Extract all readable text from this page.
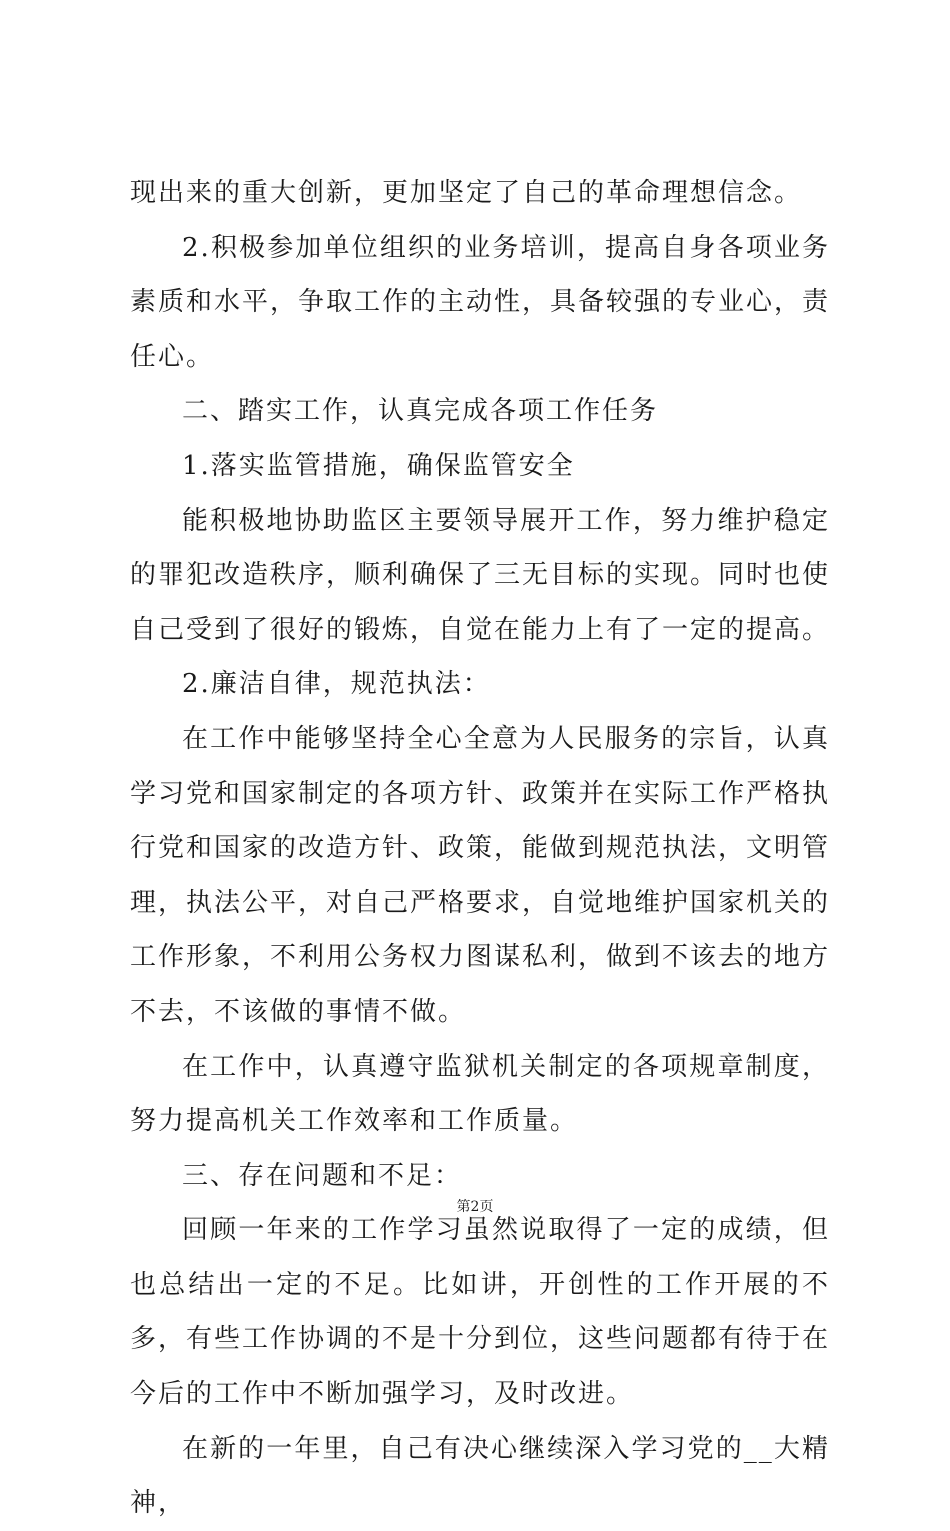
现出来的重大创新，更加坚定了自己的革命理想信念。

2.积极参加单位组织的业务培训，提高自身各项业务素质和水平，争取工作的主动性，具备较强的专业心，责任心。

二、踏实工作，认真完成各项工作任务

1.落实监管措施，确保监管安全

能积极地协助监区主要领导展开工作，努力维护稳定的罪犯改造秩序，顺利确保了三无目标的实现。同时也使自己受到了很好的锻炼，自觉在能力上有了一定的提高。

2.廉洁自律，规范执法：

在工作中能够坚持全心全意为人民服务的宗旨，认真学习党和国家制定的各项方针、政策并在实际工作严格执行党和国家的改造方针、政策，能做到规范执法，文明管理，执法公平，对自己严格要求，自觉地维护国家机关的工作形象，不利用公务权力图谋私利，做到不该去的地方不去，不该做的事情不做。

在工作中，认真遵守监狱机关制定的各项规章制度，努力提高机关工作效率和工作质量。

三、存在问题和不足：

回顾一年来的工作学习虽然说取得了一定的成绩，但也总结出一定的不足。比如讲，开创性的工作开展的不多，有些工作协调的不是十分到位，这些问题都有待于在今后的工作中不断加强学习，及时改进。

在新的一年里，自己有决心继续深入学习党的__大精神，

第2页
